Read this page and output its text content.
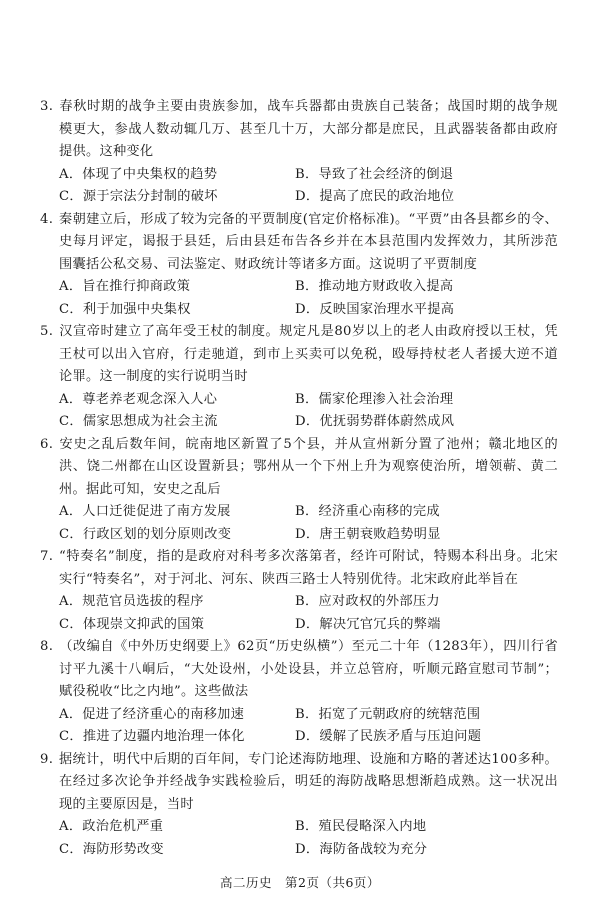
3. 春秋时期的战争主要由贵族参加，战车兵器都由贵族自己装备；战国时期的战争规模更大，参战人数动辄几万、甚至几十万，大部分都是庶民，且武器装备都由政府提供。这种变化
A．体现了中央集权的趋势	B．导致了社会经济的倒退
C．源于宗法分封制的破坏	D．提高了庶民的政治地位
4. 秦朝建立后，形成了较为完备的平贾制度(官定价格标准)。“平贾”由各县都乡的令、史每月评定，谒报于县廷，后由县廷布告各乡并在本县范围内发挥效力，其所涉范围囊括公私交易、司法鉴定、财政统计等诸多方面。这说明了平贾制度
A．旨在推行抑商政策	B．推动地方财政收入提高
C．利于加强中央集权	D．反映国家治理水平提高
5. 汉宣帝时建立了高年受王杖的制度。规定凡是80岁以上的老人由政府授以王杖，凭王杖可以出入官府，行走驰道，到市上买卖可以免税，殴辱持杖老人者援大逆不道论罪。这一制度的实行说明当时
A．尊老养老观念深入人心	B．儒家伦理渗入社会治理
C．儒家思想成为社会主流	D．优抚弱势群体蔚然成风
6. 安史之乱后数年间，皖南地区新置了5个县，并从宣州新分置了池州；赣北地区的洪、饶二州都在山区设置新县；鄂州从一个下州上升为观察使治所，增领蕲、黄二州。据此可知，安史之乱后
A．人口迁徙促进了南方发展	B．经济重心南移的完成
C．行政区划的划分原则改变	D．唐王朝衰败趋势明显
7. “特奏名”制度，指的是政府对科考多次落第者，经许可附试，特赐本科出身。北宋实行“特奏名”，对于河北、河东、陕西三路士人特别优待。北宋政府此举旨在
A．规范官员选拔的程序	B．应对政权的外部压力
C．体现崇文抑武的国策	D．解决冗官冗兵的弊端
8. （改编自《中外历史纲要上》62页“历史纵横”）至元二十年（1283年），四川行省讨平九溪十八峒后，“大处设州，小处设县，并立总管府，听顺元路宣慰司节制”；赋役税收“比之内地”。这些做法
A．促进了经济重心的南移加速	B．拓宽了元朝政府的统辖范围
C．推进了边疆内地治理一体化	D．缓解了民族矛盾与压迫问题
9. 据统计，明代中后期的百年间，专门论述海防地理、设施和方略的著述达100多种。在经过多次论争并经战争实践检验后，明廷的海防战略思想渐趋成熟。这一状况出现的主要原因是，当时
A．政治危机严重	B．殖民侵略深入内地
C．海防形势改变	D．海防备战较为充分
高二历史　第2页（共6页）
